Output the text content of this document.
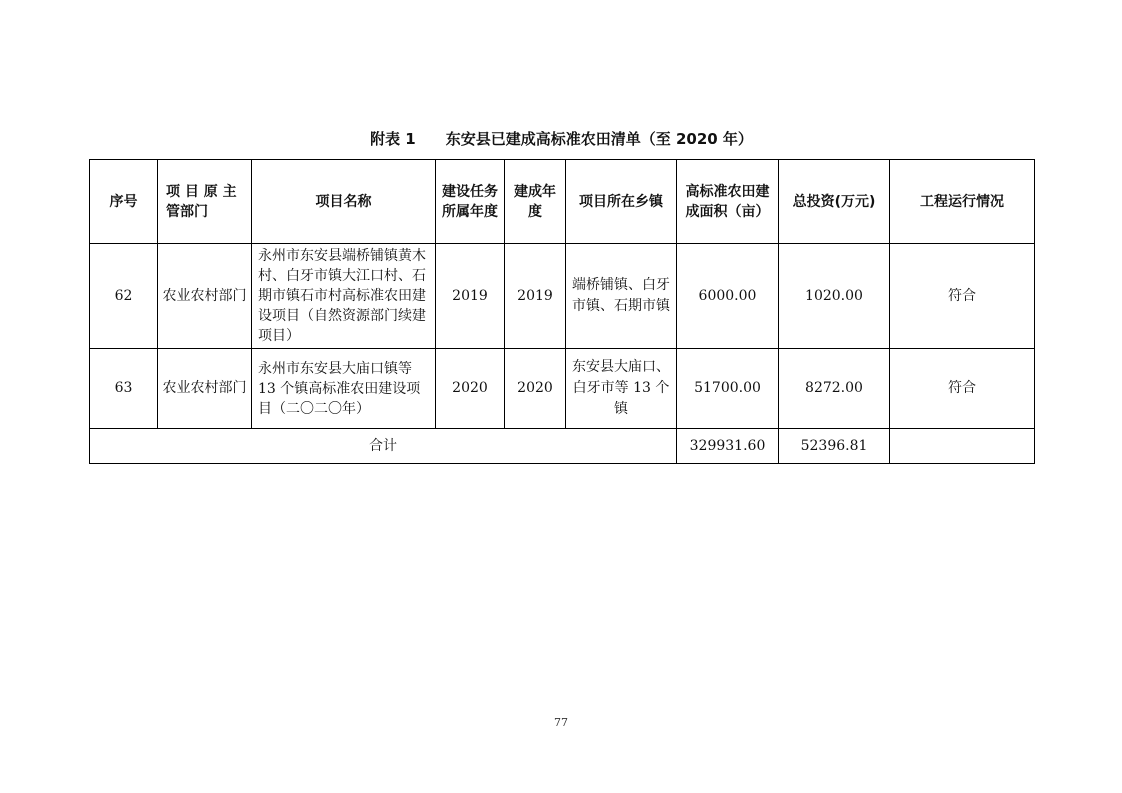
附表 1　　东安县已建成高标准农田清单（至 2020 年）
序号	项 目 原 主 管部门	项目名称	建设任务所属年度	建成年度	项目所在乡镇	高标准农田建成面积（亩）	总投资(万元)	工程运行情况
62	农业农村部门	永州市东安县端桥铺镇黄木村、白牙市镇大江口村、石期市镇石市村高标准农田建设项目（自然资源部门续建项目）	2019	2019	端桥铺镇、白牙市镇、石期市镇	6000.00	1020.00	符合
63	农业农村部门	永州市东安县大庙口镇等 13 个镇高标准农田建设项目（二〇二〇年）	2020	2020	东安县大庙口、白牙市等 13 个镇	51700.00	8272.00	符合
合计						329931.60	52396.81	
77
